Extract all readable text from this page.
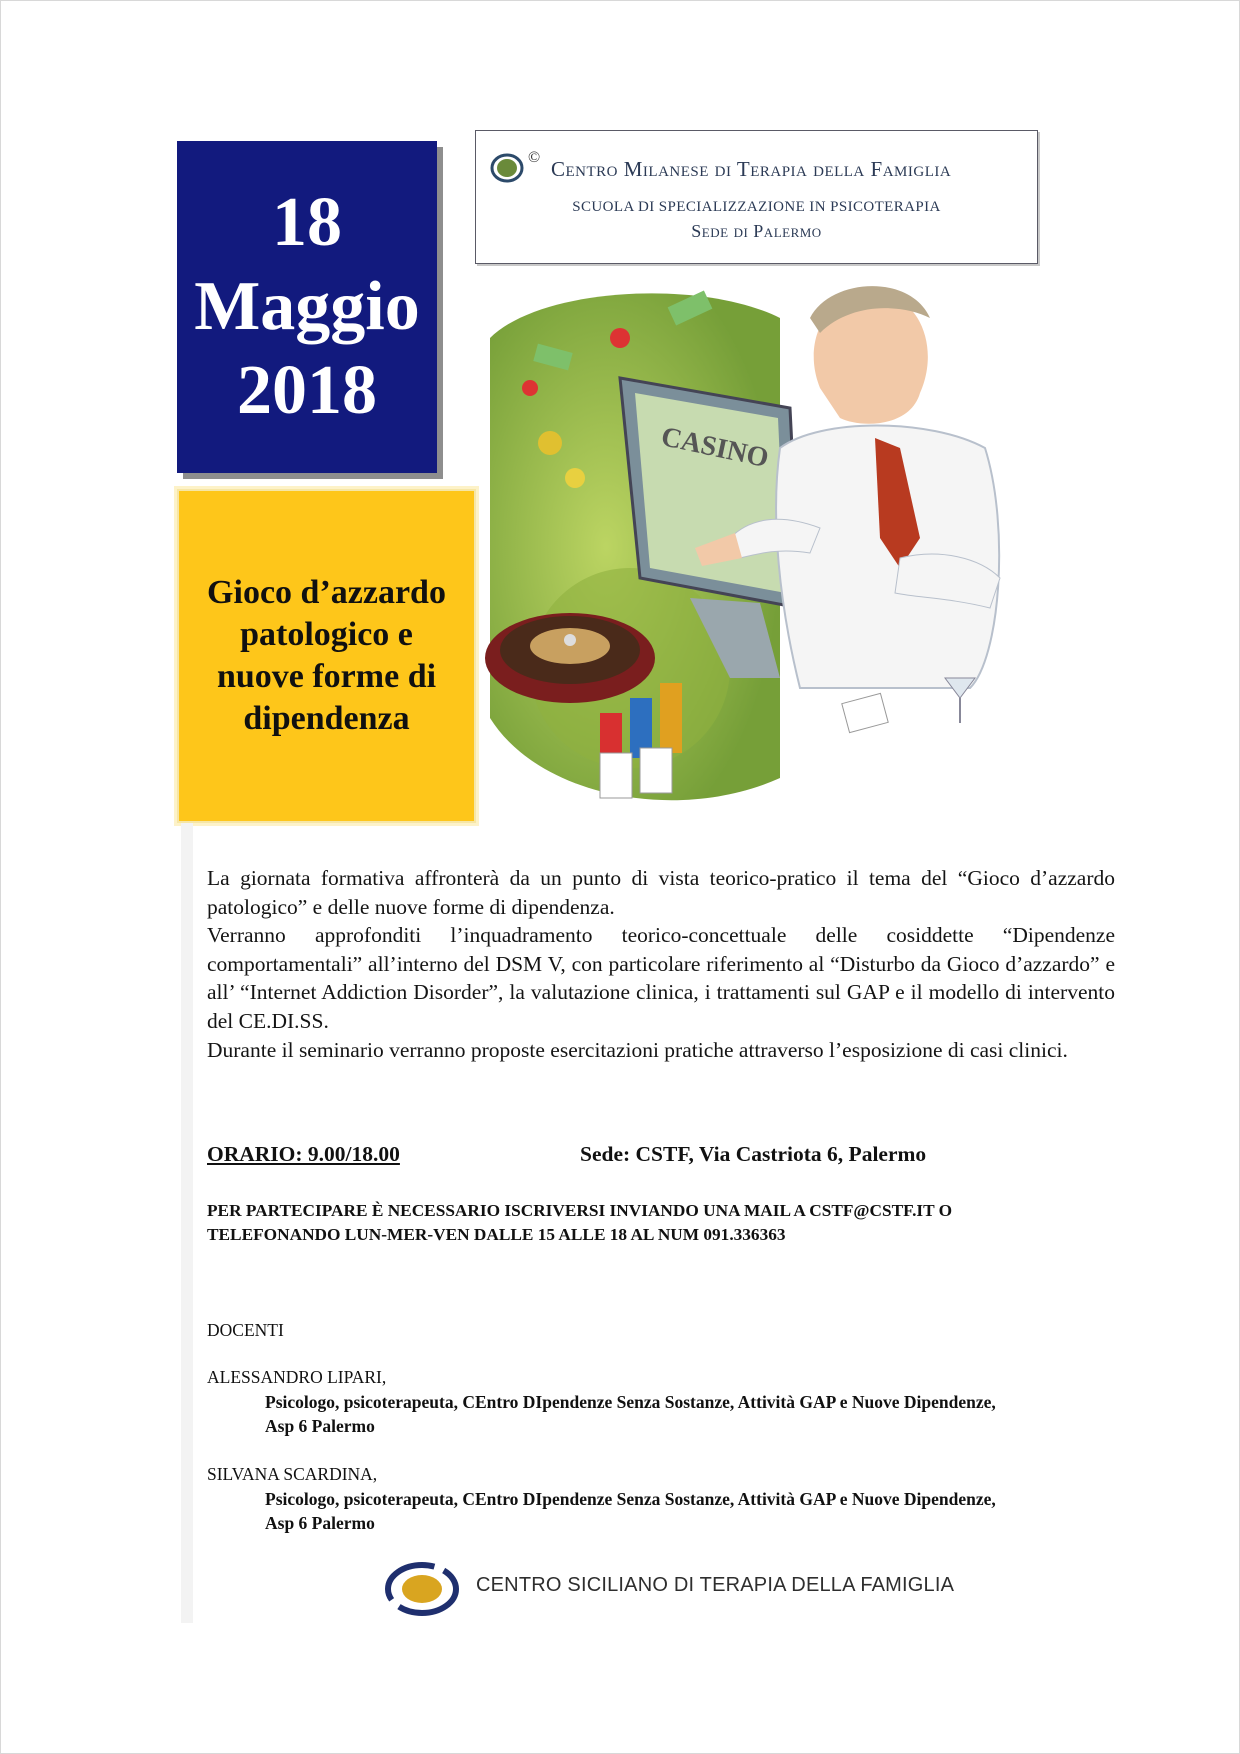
18
Maggio
2018
© Centro Milanese di Terapia della Famiglia
SCUOLA DI SPECIALIZZAZIONE IN PSICOTERAPIA
Sede di Palermo
Gioco d’azzardo
patologico e
nuove forme di
dipendenza
CASINO

La giornata formativa affronterà da un punto di vista teorico-pratico il tema del “Gioco d’azzardo patologico” e delle nuove forme di dipendenza.

Verranno approfonditi l’inquadramento teorico-concettuale delle cosiddette “Dipendenze comportamentali” all’interno del DSM V, con particolare riferimento al “Disturbo da Gioco d’azzardo” e all’ “Internet Addiction Disorder”, la valutazione clinica, i trattamenti sul GAP e il modello di intervento del CE.DI.SS.

Durante il seminario verranno proposte esercitazioni pratiche attraverso l’esposizione di casi clinici.

ORARIO: 9.00/18.00	Sede: CSTF, Via Castriota 6, Palermo
PER PARTECIPARE È NECESSARIO ISCRIVERSI INVIANDO UNA MAIL A CSTF@CSTF.IT O
TELEFONANDO LUN-MER-VEN DALLE 15 ALLE 18 AL NUM 091.336363
DOCENTI
ALESSANDRO LIPARI,
Psicologo, psicoterapeuta, CEntro DIpendenze Senza Sostanze, Attività GAP e Nuove Dipendenze,
Asp 6 Palermo
SILVANA SCARDINA,
Psicologo, psicoterapeuta, CEntro DIpendenze Senza Sostanze, Attività GAP e Nuove Dipendenze,
Asp 6 Palermo
CENTRO SICILIANO DI TERAPIA DELLA FAMIGLIA
